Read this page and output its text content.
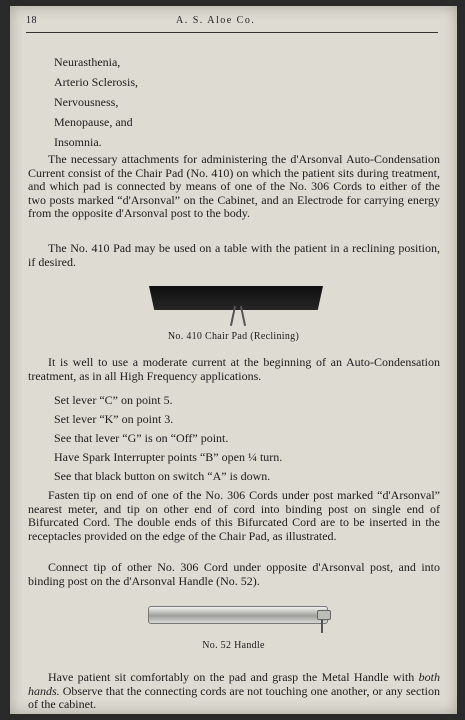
18	A. S. Aloe Co.
Neurasthenia,
Arterio Sclerosis,
Nervousness,
Menopause, and
Insomnia.

The necessary attachments for administering the d'Arsonval Auto-Condensation Current consist of the Chair Pad (No. 410) on which the patient sits during treatment, and which pad is connected by means of one of the No. 306 Cords to either of the two posts marked “d'Arsonval” on the Cabinet, and an Electrode for carrying energy from the opposite d'Arsonval post to the body.

The No. 410 Pad may be used on a table with the patient in a reclining position, if desired.

No. 410 Chair Pad (Reclining)

It is well to use a moderate current at the beginning of an Auto-Condensation treatment, as in all High Frequency applications.

Set lever “C” on point 5.
Set lever “K” on point 3.
See that lever “G” is on “Off” point.
Have Spark Interrupter points “B” open ¼ turn.
See that black button on switch “A” is down.

Fasten tip on end of one of the No. 306 Cords under post marked “d'Arsonval” nearest meter, and tip on other end of cord into binding post on single end of Bifurcated Cord. The double ends of this Bifurcated Cord are to be inserted in the receptacles provided on the edge of the Chair Pad, as illustrated.

Connect tip of other No. 306 Cord under opposite d'Arsonval post, and into binding post on the d'Arsonval Handle (No. 52).

No. 52 Handle

Have patient sit comfortably on the pad and grasp the Metal Handle with both hands. Observe that the connecting cords are not touching one another, or any section of the cabinet.
